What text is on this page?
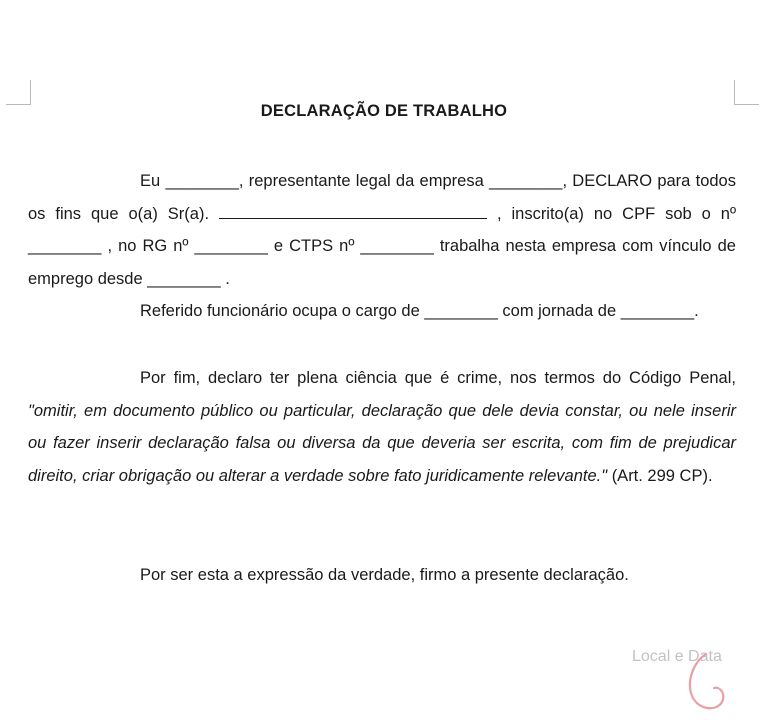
DECLARAÇÃO DE TRABALHO

Eu ________, representante legal da empresa ________, DECLARO para todos os fins que o(a) Sr(a).	, inscrito(a) no CPF sob o nº ________ , no RG nº ________ e CTPS nº ________ trabalha nesta empresa com vínculo de emprego desde ________ .

Referido funcionário ocupa o cargo de ________ com jornada de ________.

Por fim, declaro ter plena ciência que é crime, nos termos do Código Penal, "omitir, em documento público ou particular, declaração que dele devia constar, ou nele inserir ou fazer inserir declaração falsa ou diversa da que deveria ser escrita, com fim de prejudicar direito, criar obrigação ou alterar a verdade sobre fato juridicamente relevante." (Art. 299 CP).

Por ser esta a expressão da verdade, firmo a presente declaração.

Local e Data
